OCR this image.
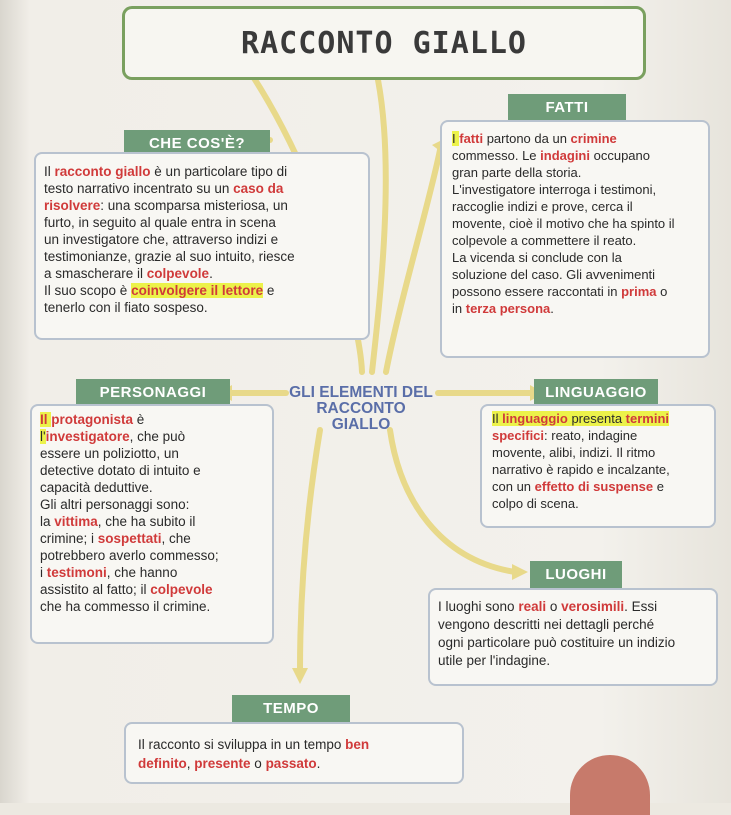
RACCONTO GIALLO
CHE COS'È?
Il racconto giallo è un particolare tipo di
testo narrativo incentrato su un caso da
risolvere: una scomparsa misteriosa, un
furto, in seguito al quale entra in scena
un investigatore che, attraverso indizi e
testimonianze, grazie al suo intuito, riesce
a smascherare il colpevole.
Il suo scopo è coinvolgere il lettore e
tenerlo con il fiato sospeso.
FATTI
I fatti partono da un crimine
commesso. Le indagini occupano
gran parte della storia.
L'investigatore interroga i testimoni,
raccoglie indizi e prove, cerca il
movente, cioè il motivo che ha spinto il
colpevole a commettere il reato.
La vicenda si conclude con la
soluzione del caso. Gli avvenimenti
possono essere raccontati in prima o
in terza persona.
GLI ELEMENTI DEL RACCONTO GIALLO
PERSONAGGI
Il protagonista è
l'investigatore, che può
essere un poliziotto, un
detective dotato di intuito e
capacità deduttive.
Gli altri personaggi sono:
la vittima, che ha subito il
crimine; i sospettati, che
potrebbero averlo commesso;
i testimoni, che hanno
assistito al fatto; il colpevole
che ha commesso il crimine.
LINGUAGGIO
Il linguaggio presenta termini
specifici: reato, indagine
movente, alibi, indizi. Il ritmo
narrativo è rapido e incalzante,
con un effetto di suspense e
colpo di scena.
LUOGHI
I luoghi sono reali o verosimili. Essi
vengono descritti nei dettagli perché
ogni particolare può costituire un indizio
utile per l'indagine.
TEMPO
Il racconto si sviluppa in un tempo ben
definito, presente o passato.
